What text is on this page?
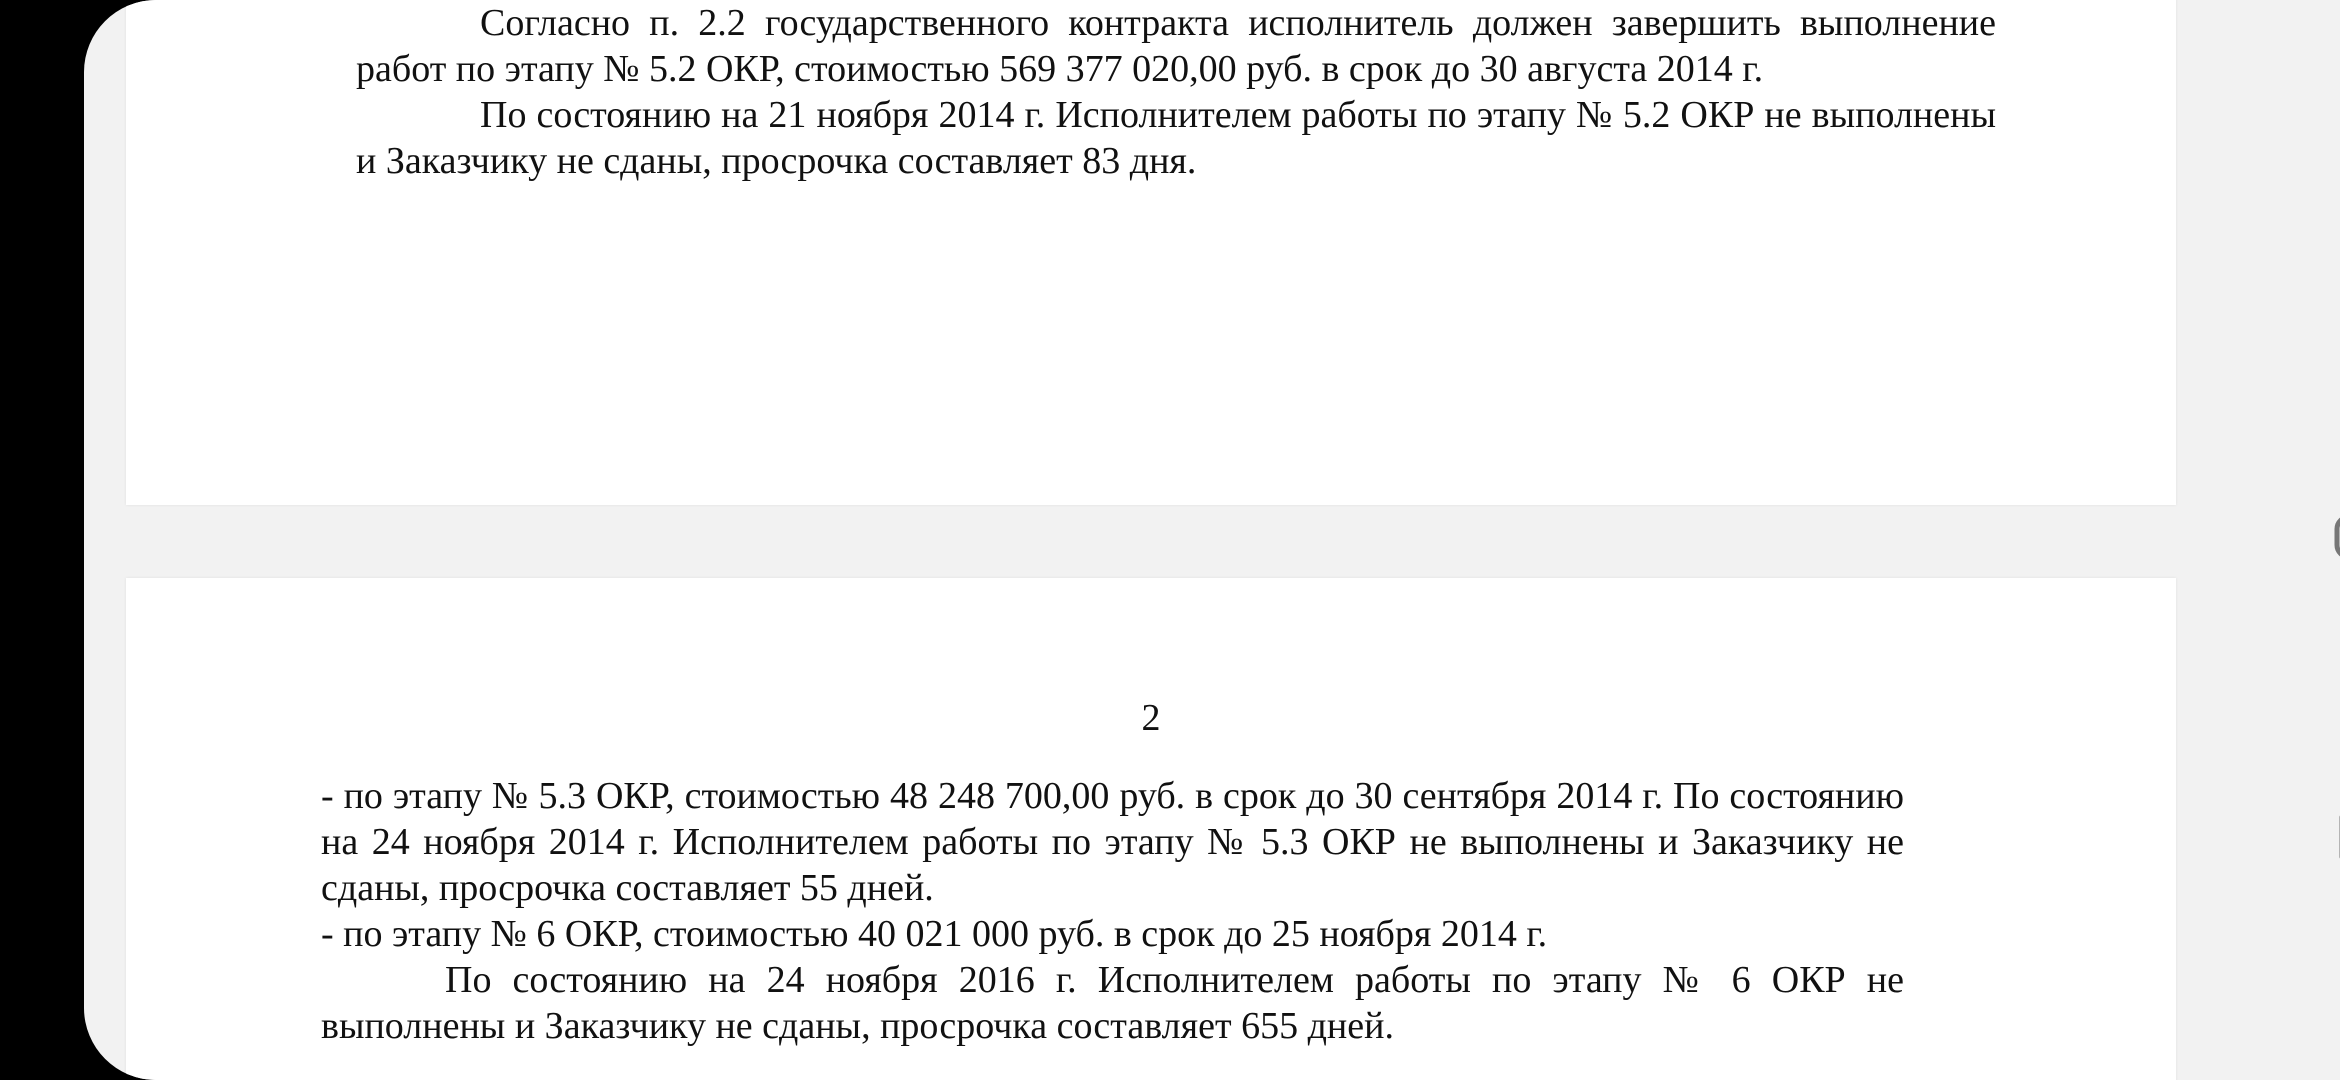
Согласно п. 2.2 государственного контракта исполнитель должен завершить выполнение работ по этапу № 5.2 ОКР, стоимостью 569 377 020,00 руб. в срок до 30 августа 2014 г.

По состоянию на 21 ноября 2014 г. Исполнителем работы по этапу № 5.2 ОКР не выполнены и Заказчику не сданы, просрочка составляет 83 дня.

2

- по этапу № 5.3 ОКР, стоимостью 48 248 700,00 руб. в срок до 30 сентября 2014 г. По состоянию на 24 ноября 2014 г. Исполнителем работы по этапу № 5.3 ОКР не выполнены и Заказчику не сданы, просрочка составляет 55 дней.

- по этапу № 6 ОКР, стоимостью 40 021 000 руб. в срок до 25 ноября 2014 г.

По состоянию на 24 ноября 2016 г. Исполнителем работы по этапу № 6 ОКР не выполнены и Заказчику не сданы, просрочка составляет 655 дней.
